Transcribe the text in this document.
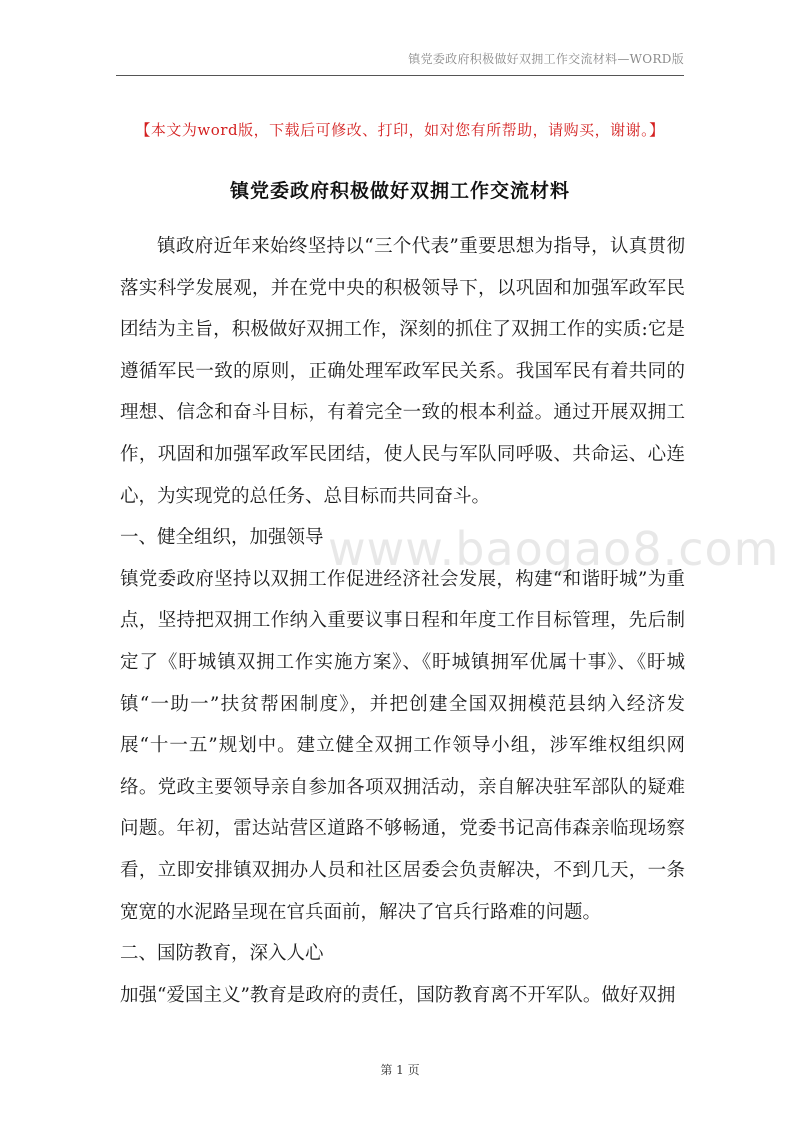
镇党委政府积极做好双拥工作交流材料—WORD版
【本文为word版，下载后可修改、打印，如对您有所帮助，请购买，谢谢。】
镇党委政府积极做好双拥工作交流材料

镇政府近年来始终坚持以“三个代表”重要思想为指导，认真贯彻落实科学发展观，并在党中央的积极领导下，以巩固和加强军政军民团结为主旨，积极做好双拥工作，深刻的抓住了双拥工作的实质:它是遵循军民一致的原则，正确处理军政军民关系。我国军民有着共同的理想、信念和奋斗目标，有着完全一致的根本利益。通过开展双拥工作，巩固和加强军政军民团结，使人民与军队同呼吸、共命运、心连心，为实现党的总任务、总目标而共同奋斗。

一、健全组织，加强领导

镇党委政府坚持以双拥工作促进经济社会发展，构建“和谐盱城”为重点，坚持把双拥工作纳入重要议事日程和年度工作目标管理，先后制定了《盱城镇双拥工作实施方案》、《盱城镇拥军优属十事》、《盱城镇“一助一”扶贫帮困制度》，并把创建全国双拥模范县纳入经济发展“十一五”规划中。建立健全双拥工作领导小组，涉军维权组织网络。党政主要领导亲自参加各项双拥活动，亲自解决驻军部队的疑难问题。年初，雷达站营区道路不够畅通，党委书记高伟森亲临现场察看，立即安排镇双拥办人员和社区居委会负责解决，不到几天，一条宽宽的水泥路呈现在官兵面前，解决了官兵行路难的问题。

二、国防教育，深入人心

加强“爱国主义”教育是政府的责任，国防教育离不开军队。做好双拥

www.baogao8.com
第 1 页
